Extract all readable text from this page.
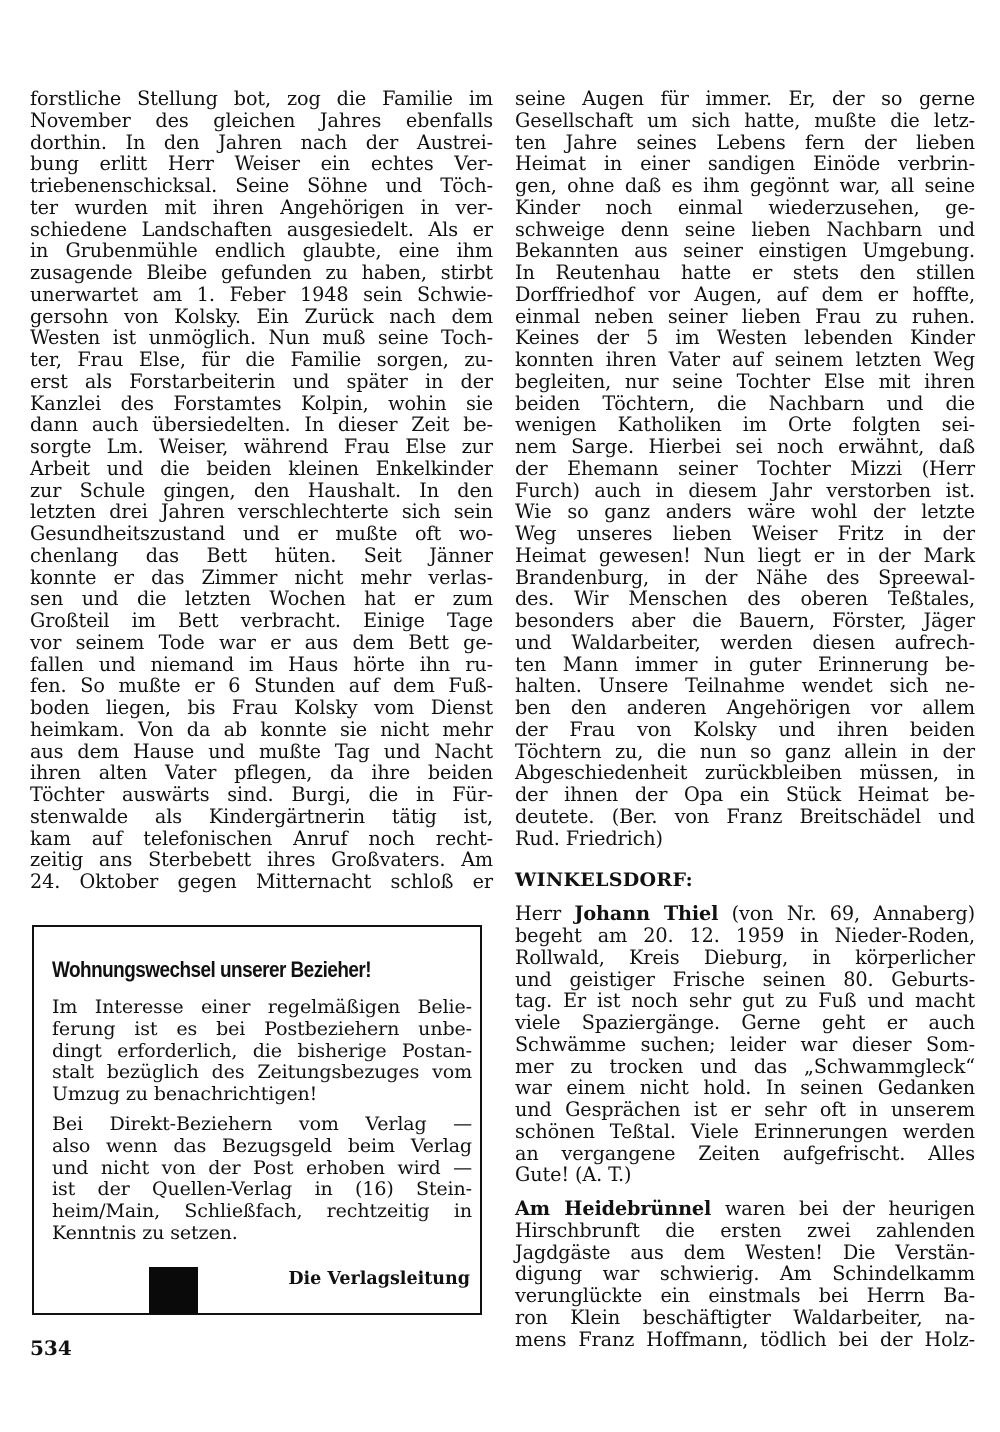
forstliche Stellung bot, zog die Familie im
November des gleichen Jahres ebenfalls
dorthin. In den Jahren nach der Austrei-
bung erlitt Herr Weiser ein echtes Ver-
triebenenschicksal. Seine Söhne und Töch-
ter wurden mit ihren Angehörigen in ver-
schiedene Landschaften ausgesiedelt. Als er
in Grubenmühle endlich glaubte, eine ihm
zusagende Bleibe gefunden zu haben, stirbt
unerwartet am 1. Feber 1948 sein Schwie-
gersohn von Kolsky. Ein Zurück nach dem
Westen ist unmöglich. Nun muß seine Toch-
ter, Frau Else, für die Familie sorgen, zu-
erst als Forstarbeiterin und später in der
Kanzlei des Forstamtes Kolpin, wohin sie
dann auch übersiedelten. In dieser Zeit be-
sorgte Lm. Weiser, während Frau Else zur
Arbeit und die beiden kleinen Enkelkinder
zur Schule gingen, den Haushalt. In den
letzten drei Jahren verschlechterte sich sein
Gesundheitszustand und er mußte oft wo-
chenlang das Bett hüten. Seit Jänner
konnte er das Zimmer nicht mehr verlas-
sen und die letzten Wochen hat er zum
Großteil im Bett verbracht. Einige Tage
vor seinem Tode war er aus dem Bett ge-
fallen und niemand im Haus hörte ihn ru-
fen. So mußte er 6 Stunden auf dem Fuß-
boden liegen, bis Frau Kolsky vom Dienst
heimkam. Von da ab konnte sie nicht mehr
aus dem Hause und mußte Tag und Nacht
ihren alten Vater pflegen, da ihre beiden
Töchter auswärts sind. Burgi, die in Für-
stenwalde als Kindergärtnerin tätig ist,
kam auf telefonischen Anruf noch recht-
zeitig ans Sterbebett ihres Großvaters. Am
24. Oktober gegen Mitternacht schloß er
Wohnungswechsel unserer Bezieher!
Im Interesse einer regelmäßigen Belie-
ferung ist es bei Postbeziehern unbe-
dingt erforderlich, die bisherige Postan-
stalt bezüglich des Zeitungsbezuges vom
Umzug zu benachrichtigen!
Bei Direkt-Beziehern vom Verlag —
also wenn das Bezugsgeld beim Verlag
und nicht von der Post erhoben wird —
ist der Quellen-Verlag in (16) Stein-
heim/Main, Schließfach, rechtzeitig in
Kenntnis zu setzen.
Die Verlagsleitung
534
seine Augen für immer. Er, der so gerne
Gesellschaft um sich hatte, mußte die letz-
ten Jahre seines Lebens fern der lieben
Heimat in einer sandigen Einöde verbrin-
gen, ohne daß es ihm gegönnt war, all seine
Kinder noch einmal wiederzusehen, ge-
schweige denn seine lieben Nachbarn und
Bekannten aus seiner einstigen Umgebung.
In Reutenhau hatte er stets den stillen
Dorffriedhof vor Augen, auf dem er hoffte,
einmal neben seiner lieben Frau zu ruhen.
Keines der 5 im Westen lebenden Kinder
konnten ihren Vater auf seinem letzten Weg
begleiten, nur seine Tochter Else mit ihren
beiden Töchtern, die Nachbarn und die
wenigen Katholiken im Orte folgten sei-
nem Sarge. Hierbei sei noch erwähnt, daß
der Ehemann seiner Tochter Mizzi (Herr
Furch) auch in diesem Jahr verstorben ist.
Wie so ganz anders wäre wohl der letzte
Weg unseres lieben Weiser Fritz in der
Heimat gewesen! Nun liegt er in der Mark
Brandenburg, in der Nähe des Spreewal-
des. Wir Menschen des oberen Teßtales,
besonders aber die Bauern, Förster, Jäger
und Waldarbeiter, werden diesen aufrech-
ten Mann immer in guter Erinnerung be-
halten. Unsere Teilnahme wendet sich ne-
ben den anderen Angehörigen vor allem
der Frau von Kolsky und ihren beiden
Töchtern zu, die nun so ganz allein in der
Abgeschiedenheit zurückbleiben müssen, in
der ihnen der Opa ein Stück Heimat be-
deutete. (Ber. von Franz Breitschädel und
Rud. Friedrich)
WINKELSDORF:
Herr Johann Thiel (von Nr. 69, Annaberg)
begeht am 20. 12. 1959 in Nieder-Roden,
Rollwald, Kreis Dieburg, in körperlicher
und geistiger Frische seinen 80. Geburts-
tag. Er ist noch sehr gut zu Fuß und macht
viele Spaziergänge. Gerne geht er auch
Schwämme suchen; leider war dieser Som-
mer zu trocken und das „Schwammgleck“
war einem nicht hold. In seinen Gedanken
und Gesprächen ist er sehr oft in unserem
schönen Teßtal. Viele Erinnerungen werden
an vergangene Zeiten aufgefrischt. Alles
Gute! (A. T.)
Am Heidebrünnel waren bei der heurigen
Hirschbrunft die ersten zwei zahlenden
Jagdgäste aus dem Westen! Die Verstän-
digung war schwierig. Am Schindelkamm
verunglückte ein einstmals bei Herrn Ba-
ron Klein beschäftigter Waldarbeiter, na-
mens Franz Hoffmann, tödlich bei der Holz-
